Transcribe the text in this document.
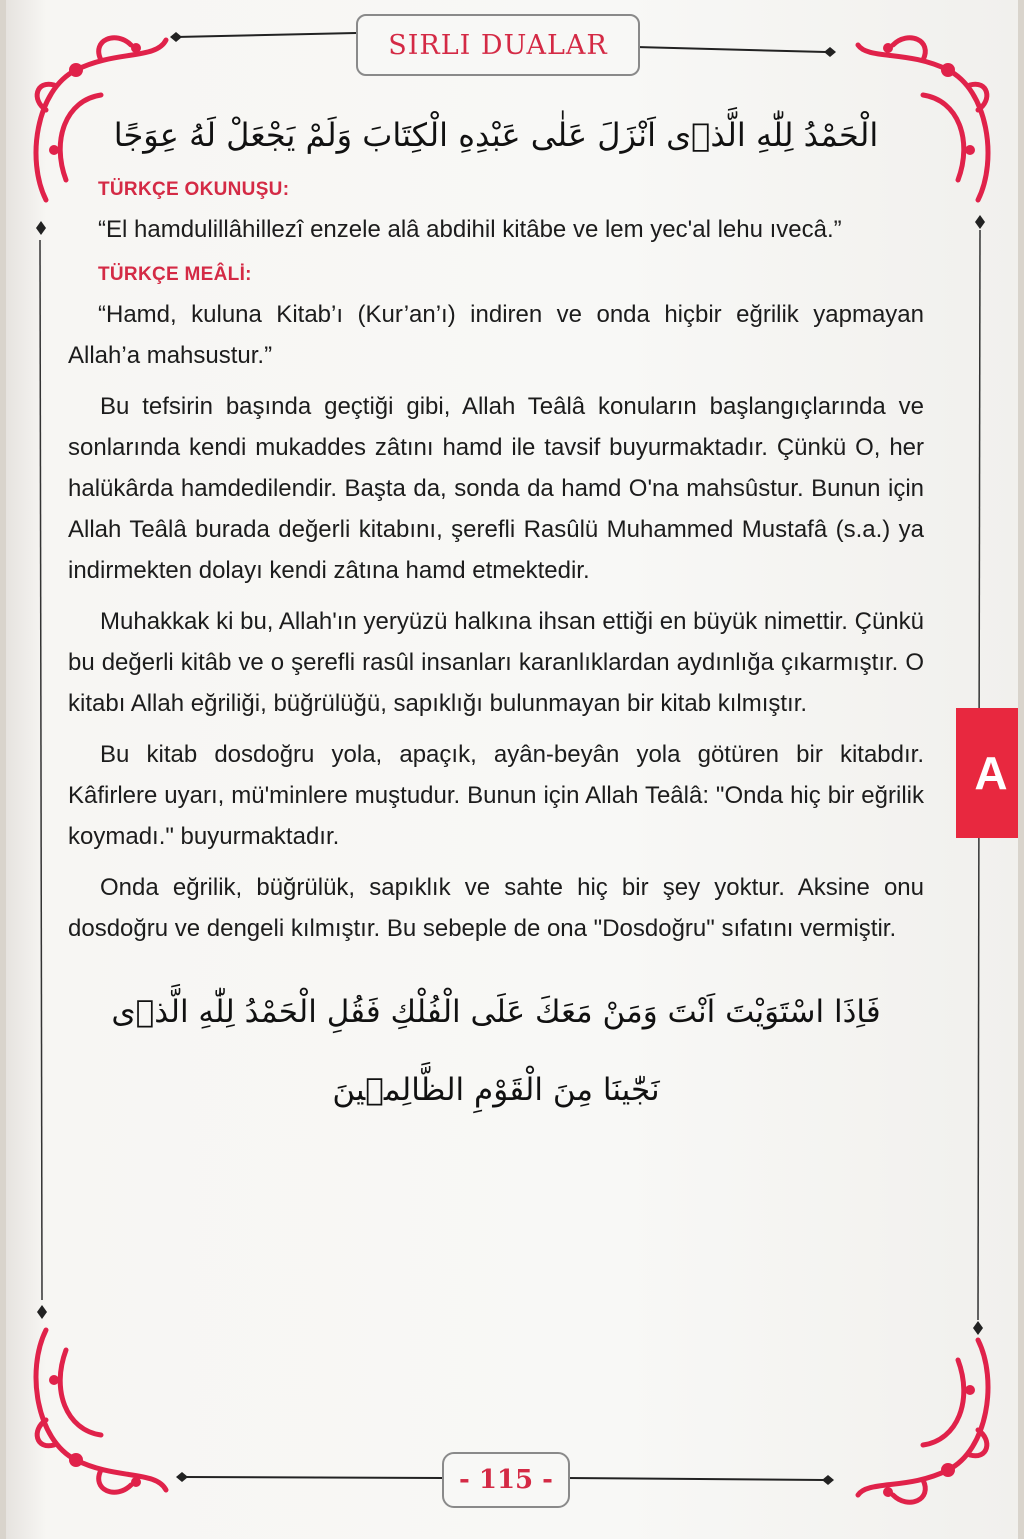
SIRLI DUALAR
A
الْحَمْدُ لِلّٰهِ الَّذٖى اَنْزَلَ عَلٰى عَبْدِهِ الْكِتَابَ وَلَمْ يَجْعَلْ لَهُ عِوَجًا
TÜRKÇE OKUNUŞU:

“El hamdulillâhillezî enzele alâ abdihil kitâbe ve lem yec'al lehu ıvecâ.”

TÜRKÇE MEÂLİ:

“Hamd, kuluna Kitab’ı (Kur’an’ı) indiren ve onda hiçbir eğrilik yapmayan Allah’a mahsustur.”

Bu tefsirin başında geçtiği gibi, Allah Teâlâ konuların başlangıçlarında ve sonlarında kendi mukaddes zâtını hamd ile tavsif buyurmaktadır. Çünkü O, her halükârda hamdedilendir. Başta da, sonda da hamd O'na mahsûstur. Bunun için Allah Teâlâ burada değerli kitabını, şerefli Rasûlü Muhammed Mustafâ (s.a.) ya indirmekten dolayı kendi zâtına hamd etmektedir.

Muhakkak ki bu, Allah'ın yeryüzü halkına ihsan ettiği en büyük nimettir. Çünkü bu değerli kitâb ve o şerefli rasûl insanları karanlıklardan aydınlığa çıkarmıştır. O kitabı Allah eğriliği, büğrülüğü, sapıklığı bulunmayan bir kitab kılmıştır.

Bu kitab dosdoğru yola, apaçık, ayân-beyân yola götüren bir kitabdır. Kâfirlere uyarı, mü'minlere muştudur. Bunun için Allah Teâlâ: "Onda hiç bir eğrilik koymadı." buyurmaktadır.

Onda eğrilik, büğrülük, sapıklık ve sahte hiç bir şey yoktur. Aksine onu dosdoğru ve dengeli kılmıştır. Bu sebeple de ona "Dosdoğru" sıfatını vermiştir.

فَاِذَا اسْتَوَيْتَ اَنْتَ وَمَنْ مَعَكَ عَلَى الْفُلْكِ فَقُلِ الْحَمْدُ لِلّٰهِ الَّذٖى
نَجّٰينَا مِنَ الْقَوْمِ الظَّالِمٖينَ
- 115 -
